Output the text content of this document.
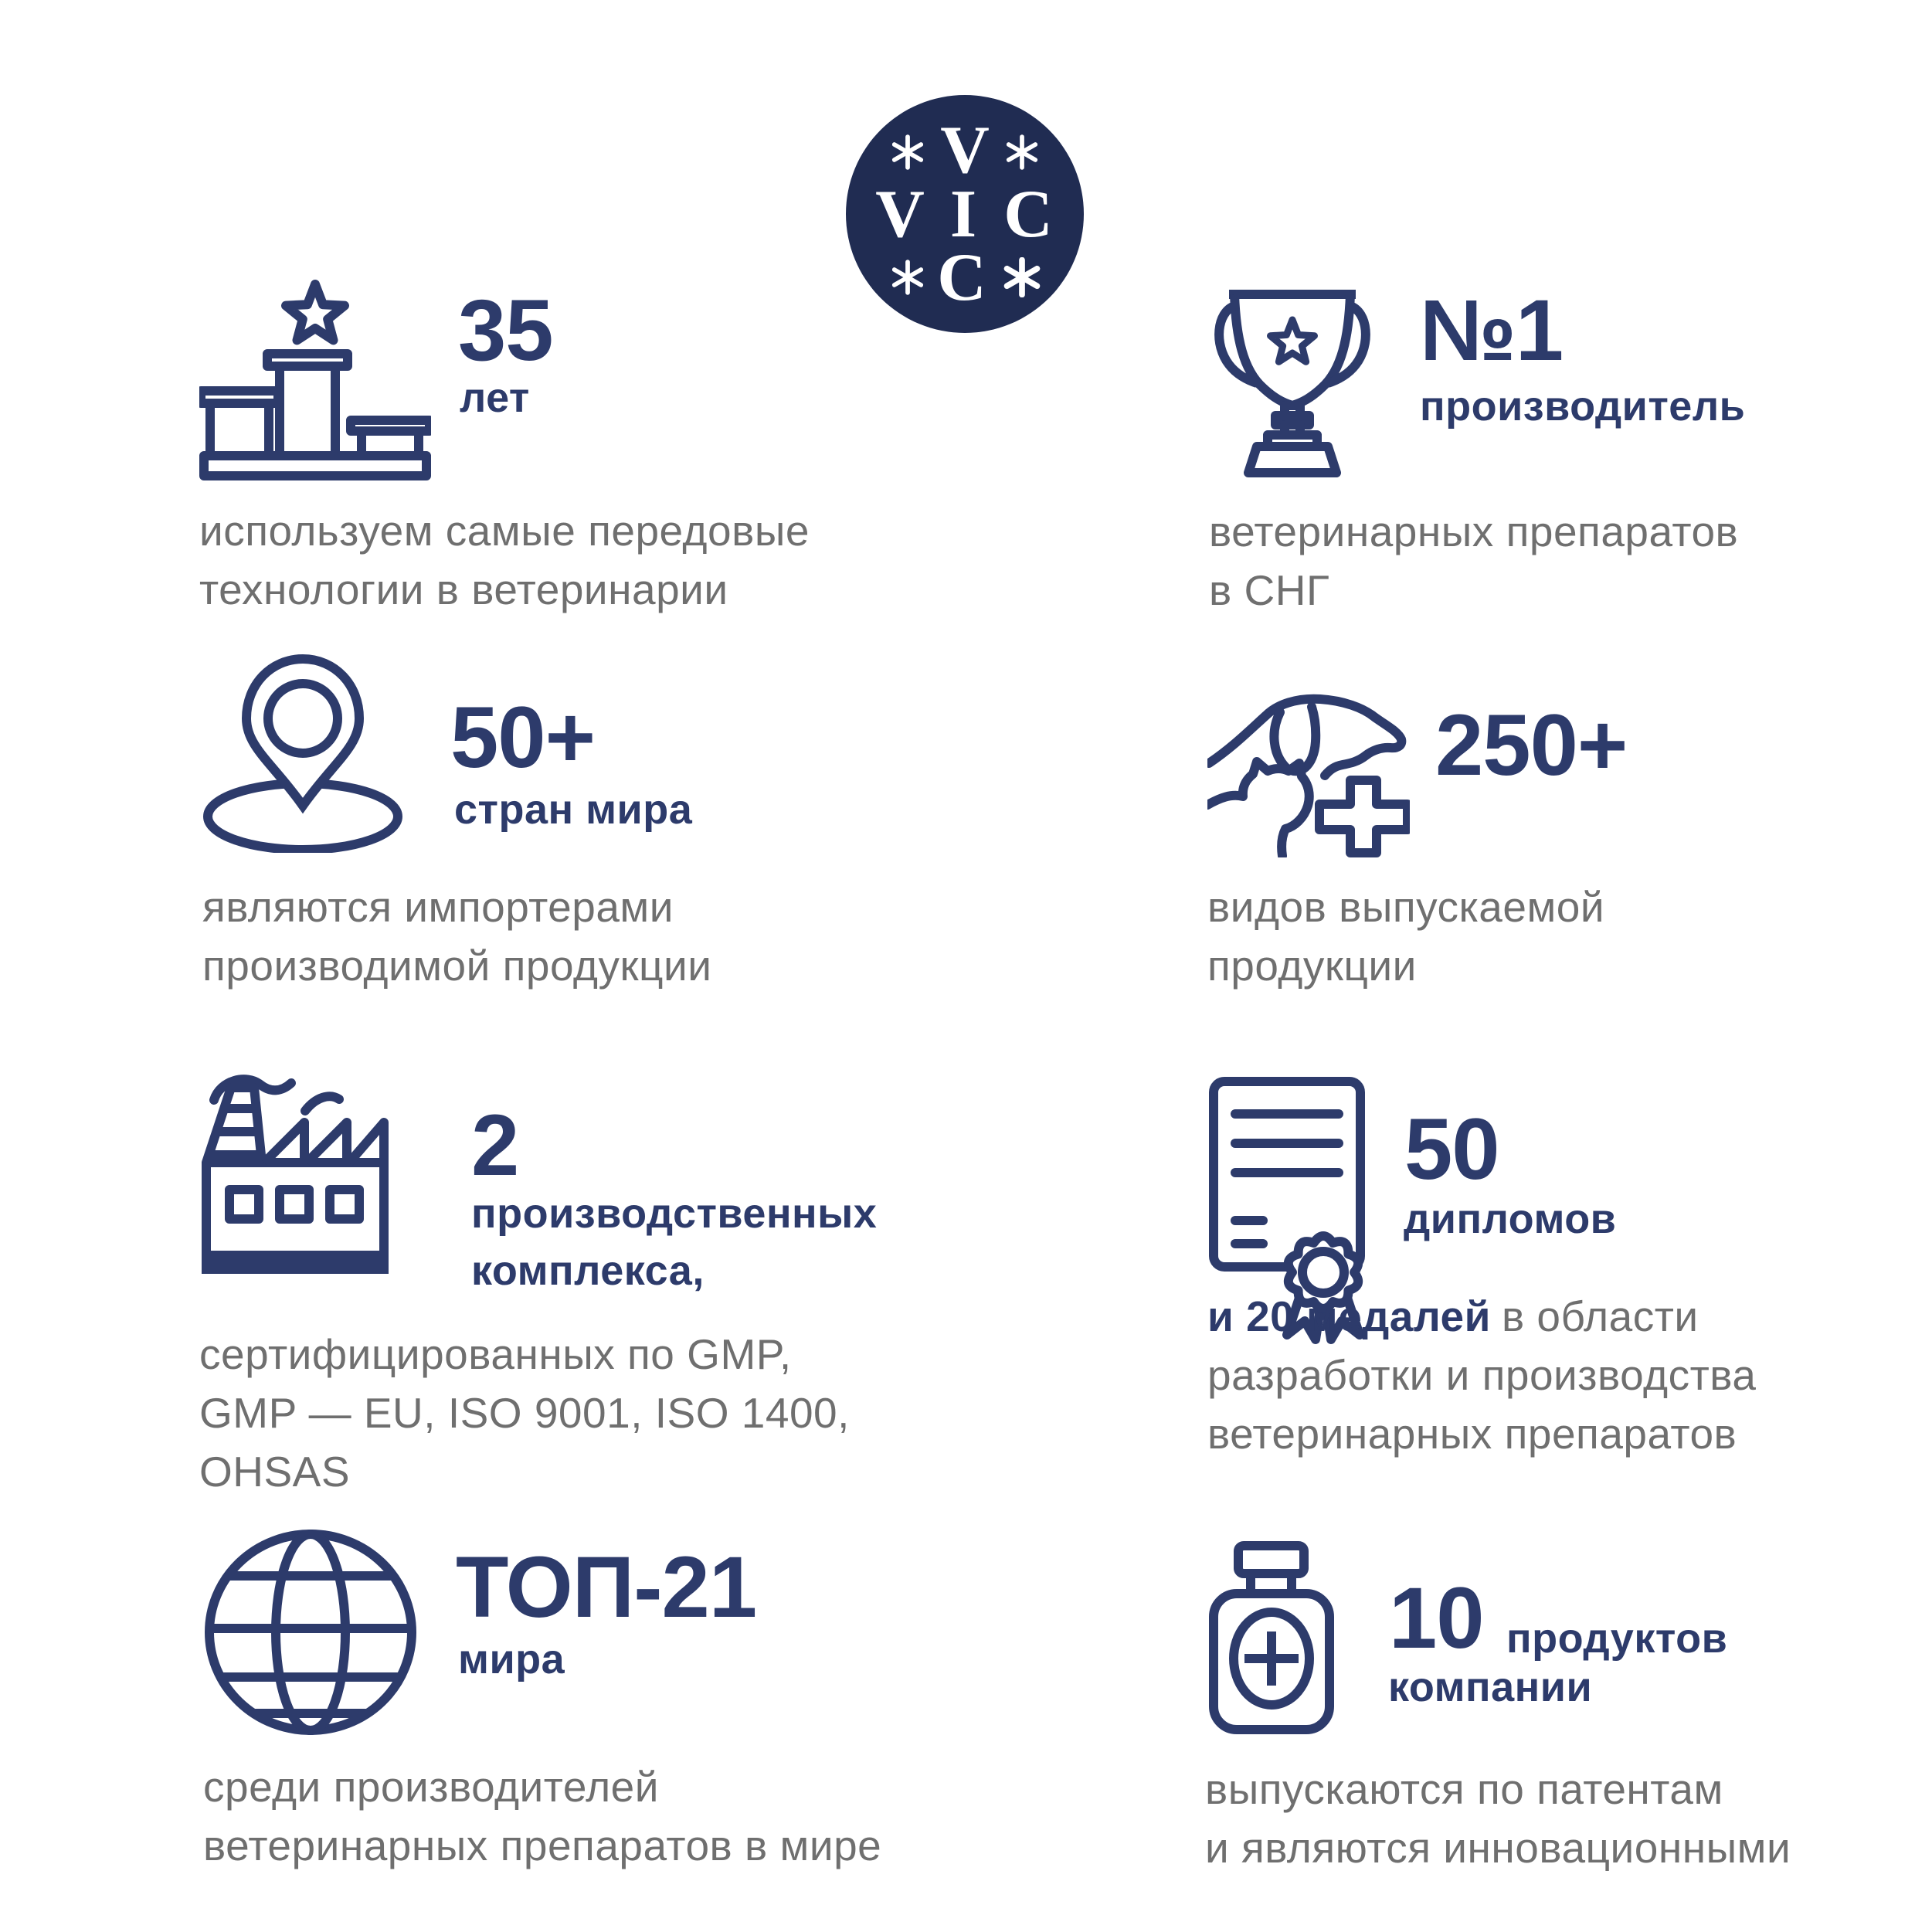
V
V I C
C
35
лет
используем самые передовые
технологии в ветеринарии
№1
производитель
ветеринарных препаратов
в СНГ
50+
стран мира
являются импортерами
производимой продукции
250+
видов выпускаемой
продукции
2
производственных
комплекса,
сертифицированных по GMP,
GMP — EU, ISO 9001, ISO 1400,
OHSAS
50
дипломов
и 20 медалей в области
разработки и производства
ветеринарных препаратов
ТОП-21
мира
среди производителей
ветеринарных препаратов в мире
10 продуктов
компании
выпускаются по патентам
и являются инновационными
